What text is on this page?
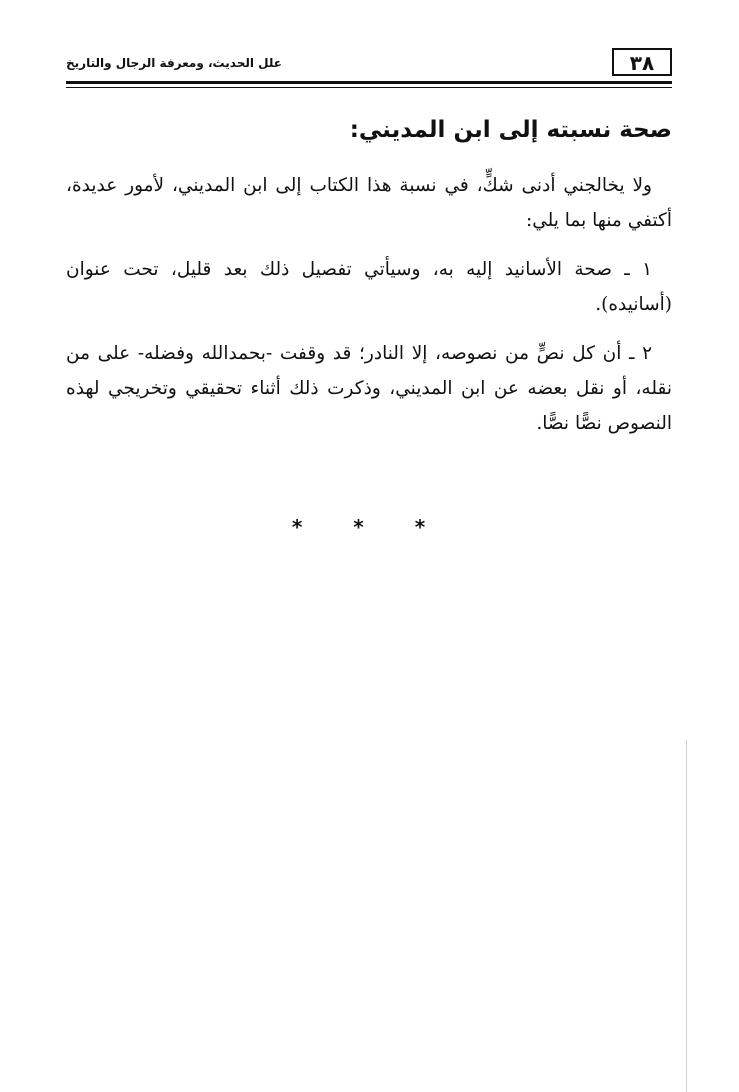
٣٨
علل الحديث، ومعرفة الرجال والتاريخ
صحة نسبته إلى ابن المديني:

ولا يخالجني أدنى شكٍّ، في نسبة هذا الكتاب إلى ابن المديني، لأمور عديدة، أكتفي منها بما يلي:

١ ـ صحة الأسانيد إليه به، وسيأتي تفصيل ذلك بعد قليل، تحت عنوان (أسانيده).

٢ ـ أن كل نصٍّ من نصوصه، إلا النادر؛ قد وقفت -بحمدالله وفضله- على من نقله، أو نقل بعضه عن ابن المديني، وذكرت ذلك أثناء تحقيقي وتخريجي لهذه النصوص نصًّا نصًّا.

* * *
